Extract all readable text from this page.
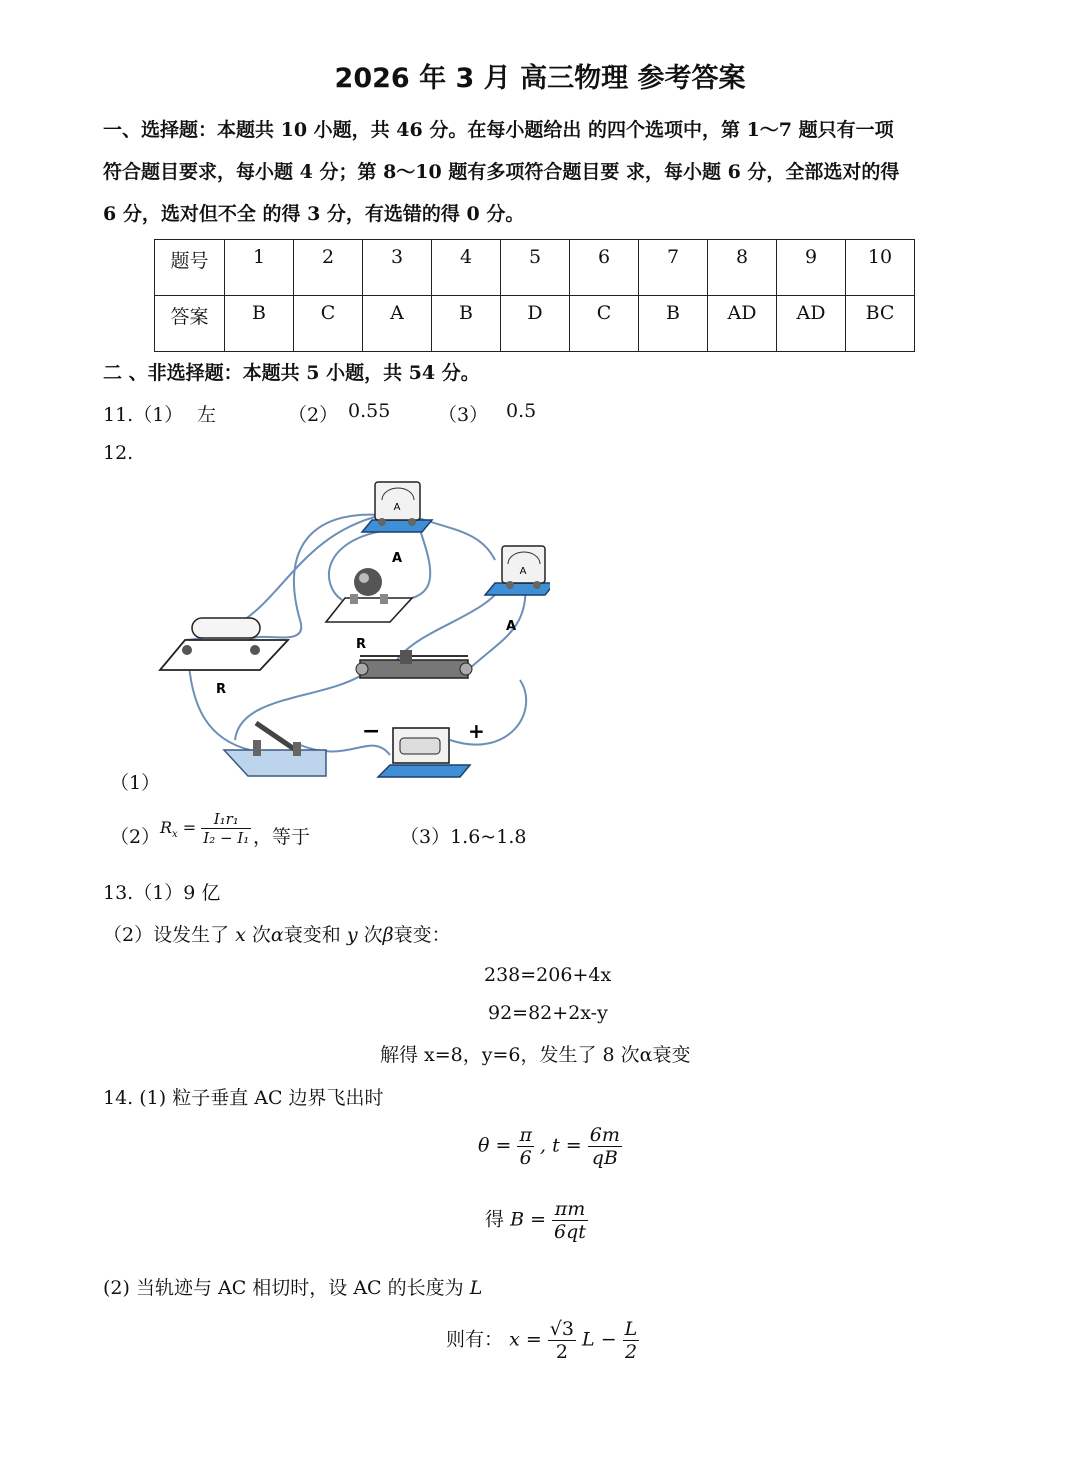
2026 年 3 月 高三物理 参考答案
一、选择题：本题共 10 小题，共 46 分。在每小题给出 的四个选项中，第 1～7 题只有一项
符合题目要求，每小题 4 分；第 8～10 题有多项符合题目要 求，每小题 6 分，全部选对的得
6 分，选对但不全 的得 3 分，有选错的得 0 分。
题号	1	2	3	4	5	6	7	8	9	10
答案	B	C	A	B	D	C	B	AD	AD	BC
二 、非选择题：本题共 5 小题，共 54 分。
11.（1） 左	（2） 0.55	（3） 0.5
12.
A
A
A
A
R
R
−	+
（1）
（2） $R_x = \frac{\text{I₁r₁}}{\text{I₂ − I₁}}$ ，等于	（3）1.6~1.8
13.（1）9 亿
（2）设发生了 x 次α衰变和 y 次β衰变：
238=206+4x
92=82+2x-y
解得 x=8，y=6，发生了 8 次α衰变
14. (1) 粒子垂直 AC 边界飞出时
$\theta = \frac{\pi}{6}$ , $t = \frac{6m}{qB}$
得 $B = \frac{\pi m}{6qt}$
(2) 当轨迹与 AC 相切时，设 AC 的长度为 L
则有： $x = \frac{√3}{2}$ $L - \frac{L}{2}$
